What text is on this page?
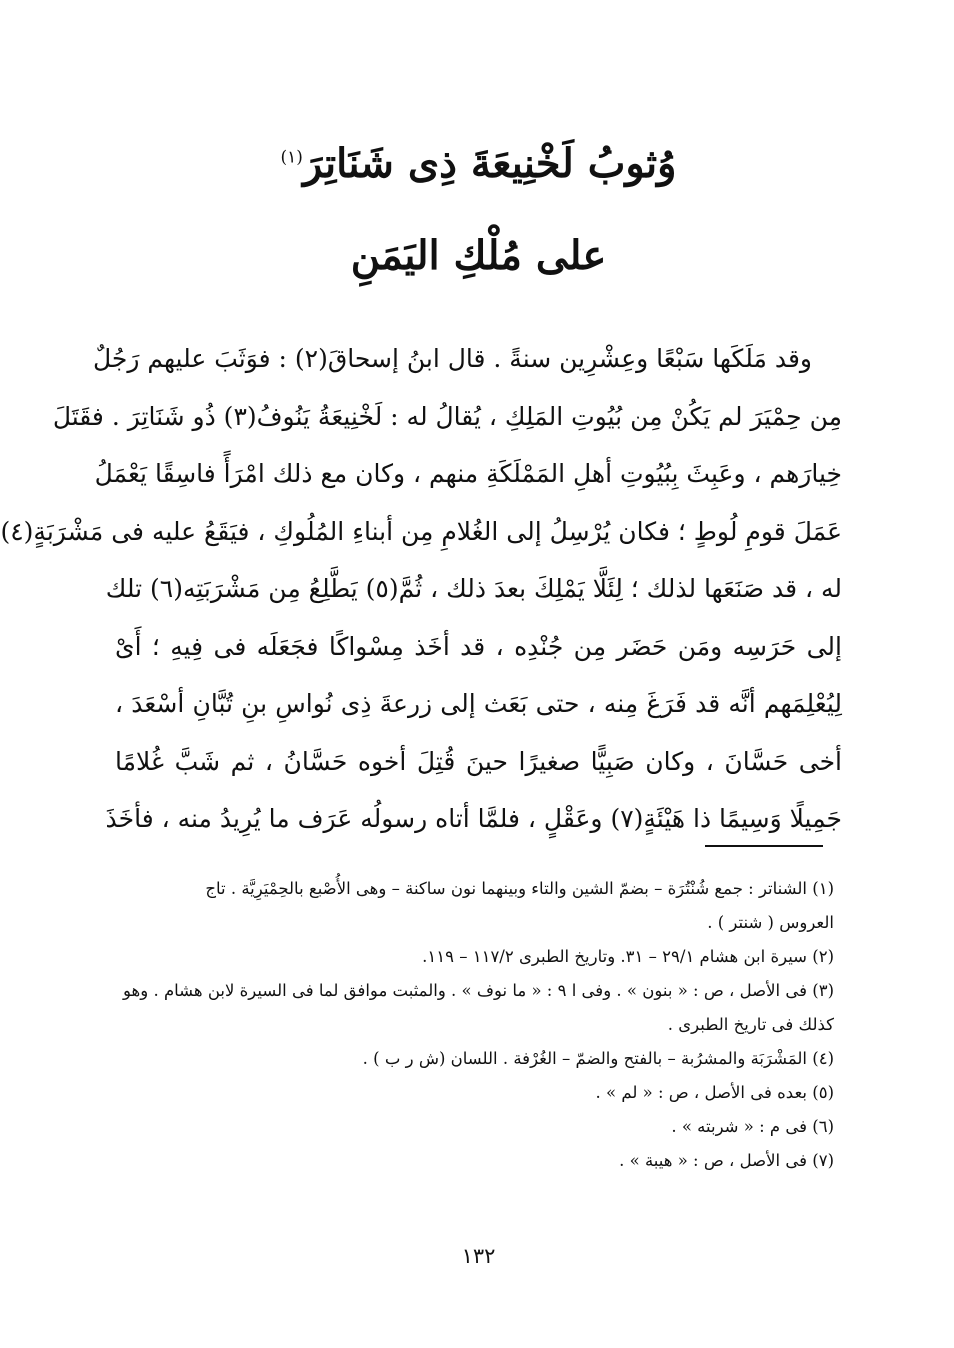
وُثوبُ لَخْنِيعَةَ ذِى شَنَاتِرَ$^{(١)}$
على مُلْكِ اليَمَنِ
وقد مَلَكَها سَبْعًا وعِشْرِين سنةً . قال ابنُ إسحاقَ(٢) : فوَثَبَ عليهم رَجُلٌ
مِن حِمْيَرَ لم يَكُنْ مِن بُيُوتِ المَلِكِ ، يُقالُ له : لَخْنِيعَةُ يَنُوفُ(٣) ذُو شَنَاتِرَ . فقَتَلَ
خِيارَهم ، وعَبِثَ بِبُيُوتِ أهلِ المَمْلَكَةِ منهم ، وكان مع ذلك امْرَأً فاسِقًا يَعْمَلُ
عَمَلَ قومِ لُوطٍ ؛ فكان يُرْسِلُ إلى الغُلامِ مِن أبناءِ المُلُوكِ ، فيَقَعُ عليه فى مَشْرَبَةٍ(٤)
له ، قد صَنَعَها لذلك ؛ لِئَلَّا يَمْلِكَ بعدَ ذلك ، ثُمَّ(٥) يَطَّلِعُ مِن مَشْرَبَتِه(٦) تلك
إلى حَرَسِه ومَن حَضَر مِن جُنْدِه ، قد أخَذ مِسْواكًا فجَعَلَه فى فِيهِ ؛ أَىْ
لِيُعْلِمَهم أنَّه قد فَرَغَ مِنه ، حتى بَعَث إلى زرعةَ ذِى نُواسِ بنِ تُبَّانِ أسْعَدَ ،
أخى حَسَّانَ ، وكان صَبِيًّا صغيرًا حينَ قُتِلَ أخوه حَسَّانُ ، ثم شَبَّ غُلامًا
جَمِيلًا وَسِيمًا ذا هَيْئَةٍ(٧) وعَقْلٍ ، فلمَّا أتاه رسولُه عَرَف ما يُرِيدُ منه ، فأخَذَ
(١) الشناتر : جمع شُنْتُرَة – بضمّ الشين والتاء وبينهما نون ساكنة – وهى الأُصْبع بالحِمْيَرِيَّة . تاج
العروس ( شنتر ) .
(٢) سيرة ابن هشام ٢٩/١ – ٣١. وتاريخ الطبرى ١١٧/٢ – ١١٩.
(٣) فى الأصل ، ص : « بنون » . وفى ا ٩ : « ما نوف » . والمثبت موافق لما فى السيرة لابن هشام . وهو
كذلك فى تاريخ الطبرى .
(٤) المَشْرَبَة والمشرُبة – بالفتح والضمّ – الغُرْفة . اللسان (ش ر ب ) .
(٥) بعده فى الأصل ، ص : « لم » .
(٦) فى م : « شربته » .
(٧) فى الأصل ، ص : « هيبة » .
١٣٢
